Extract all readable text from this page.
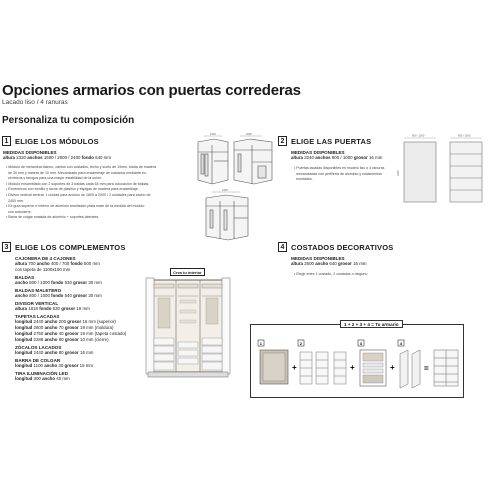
Opciones armarios con puertas correderas
Lacado liso / 4 ranuras
Personaliza tu composición
1 ELIGE LOS MÓDULOS
MEDIDAS DISPONIBLES
altura 2320 anchos 1600 / 2000 / 2400 fondo 640 mm
• Módulo de melamina blanco, cantos con costados, techo y suelo de 19mm, balda de madera
de 30 mm y trasera de 10 mm. Mecanizado para ensamblaje de costados mediante ex-
céntricos y tarugos para una mayor estabilidad de la unión.
• Módulo ensamblado con 2 soportes de 3 baldas cada 64 mm para colocación de baldas.
• Excéntricos con tornillo y tacos de plástico y espigas de madera para ensamblaje.
• Divisor vertical central: 1 unidad para anchos de 1600 a 2000 / 2 unidades para ancho de
2400 mm.
• Kit guía superior e inferior de aluminio anodizado plata mate de la medida del módulo
con autocierre.
• Barra de colgar ovalada de aluminio + soportes laterales.
1600	2000
2400
2 ELIGE LAS PUERTAS
MEDIDAS DISPONIBLES
altura 2240 anchos 800 / 1000 grosor 16 mm
• Puertas lacadas disponibles en modelo liso o 4 ranuras
mecanizadas con perfilería de aluminio y rodamientos
montados.
800 / 1000
2240
800 / 1000
3 ELIGE LOS COMPLEMENTOS
CAJONERA DE 4 CAJONES
altura 700 ancho 400 / 700 fondo 500 mm
con tapeta de 1100x100 mm
BALDAS
ancho 800 / 1000 fondo 530 grosor 30 mm
BALDAS MALETERO
ancho 800 / 1000 fondo 540 grosor 30 mm
DIVISOR VERTICAL
altura 1818 fondo 530 grosor 19 mm
TAPETAS LACADAS
longitud 2440 ancho 200 grosor 16 mm (superior)
longitud 2600 ancho 70 grosor 19 mm (moldura)
longitud 2750 ancho 40 grosor 19 mm (tapeta costado)
longitud 2288 ancho 80 grosor 10 mm (cierre)
ZÓCALOS LACADOS
longitud 2440 ancho 80 grosor 16 mm
BARRA DE COLGAR
longitud 1100 ancho 30 grosor 15 mm
TIRA ILUMINACIÓN LED
longitud 300 ancho 40 mm
Crea tu interior
4 COSTADOS DECORATIVOS
MEDIDAS DISPONIBLES
altura 2600 ancho 640 grosor 16 mm
• Elegir entre 1 costado, 2 costados o ninguno
1 + 2 + 3 + 4 = Tu armario
1
+
2
+
3
+
4
=
